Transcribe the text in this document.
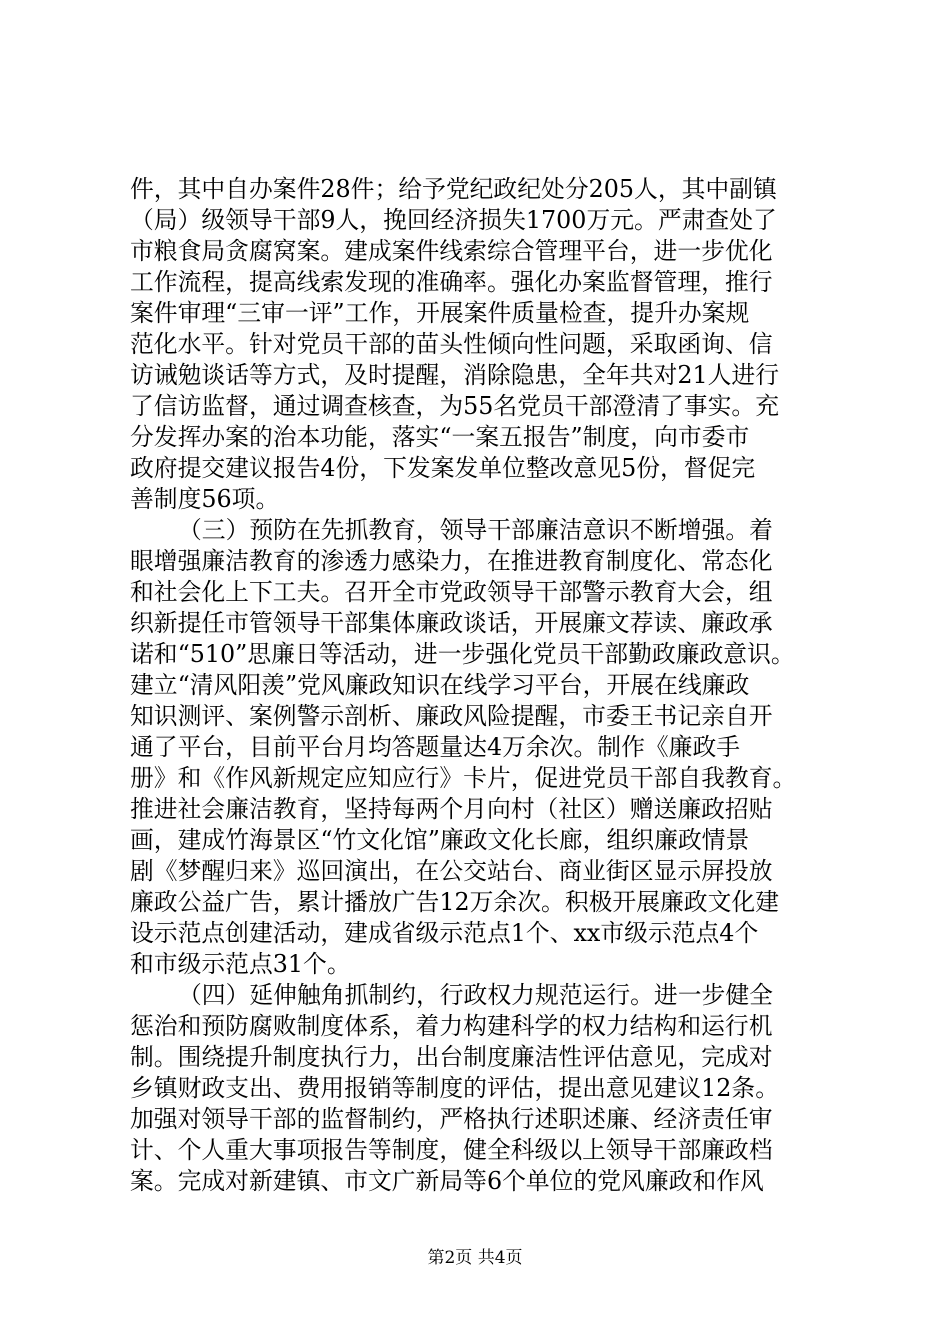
件，其中自办案件28件；给予党纪政纪处分205人，其中副镇
（局）级领导干部9人，挽回经济损失1700万元。严肃查处了
市粮食局贪腐窝案。建成案件线索综合管理平台，进一步优化
工作流程，提高线索发现的准确率。强化办案监督管理，推行
案件审理“三审一评”工作，开展案件质量检查，提升办案规
范化水平。针对党员干部的苗头性倾向性问题，采取函询、信
访诫勉谈话等方式，及时提醒，消除隐患，全年共对21人进行
了信访监督，通过调查核查，为55名党员干部澄清了事实。充
分发挥办案的治本功能，落实“一案五报告”制度，向市委市
政府提交建议报告4份，下发案发单位整改意见5份，督促完
善制度56项。
（三）预防在先抓教育，领导干部廉洁意识不断增强。着
眼增强廉洁教育的渗透力感染力，在推进教育制度化、常态化
和社会化上下工夫。召开全市党政领导干部警示教育大会，组
织新提任市管领导干部集体廉政谈话，开展廉文荐读、廉政承
诺和“510”思廉日等活动，进一步强化党员干部勤政廉政意识。
建立“清风阳羡”党风廉政知识在线学习平台，开展在线廉政
知识测评、案例警示剖析、廉政风险提醒，市委王书记亲自开
通了平台，目前平台月均答题量达4万余次。制作《廉政手
册》和《作风新规定应知应行》卡片，促进党员干部自我教育。
推进社会廉洁教育，坚持每两个月向村（社区）赠送廉政招贴
画，建成竹海景区“竹文化馆”廉政文化长廊，组织廉政情景
剧《梦醒归来》巡回演出，在公交站台、商业街区显示屏投放
廉政公益广告，累计播放广告12万余次。积极开展廉政文化建
设示范点创建活动，建成省级示范点1个、xx市级示范点4个
和市级示范点31个。
（四）延伸触角抓制约，行政权力规范运行。进一步健全
惩治和预防腐败制度体系，着力构建科学的权力结构和运行机
制。围绕提升制度执行力，出台制度廉洁性评估意见，完成对
乡镇财政支出、费用报销等制度的评估，提出意见建议12条。
加强对领导干部的监督制约，严格执行述职述廉、经济责任审
计、个人重大事项报告等制度，健全科级以上领导干部廉政档
案。完成对新建镇、市文广新局等6个单位的党风廉政和作风
第2页 共4页
